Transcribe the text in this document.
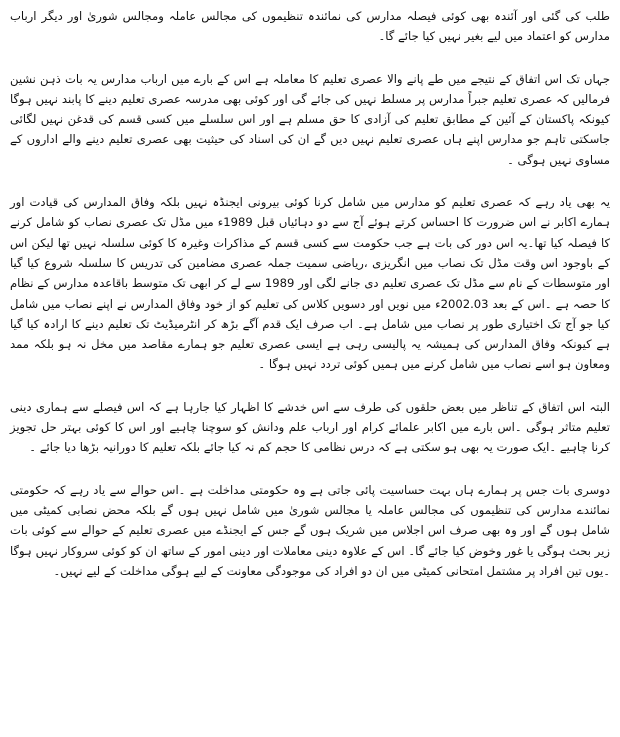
طلب کی گئی اور آئندہ بھی کوئی فیصلہ مدارس کی نمائندہ تنظیموں کی مجالس عاملہ ومجالس شوریٰ اور دیگر ارباب مدارس کو اعتماد میں لیے بغیر نہیں کیا جائے گا۔

جہاں تک اس اتفاق کے نتیجے میں طے پانے والا عصری تعلیم کا معاملہ ہے اس کے بارے میں ارباب مدارس یہ بات ذہن نشین فرمالیں کہ عصری تعلیم جبراً مدارس پر مسلط نہیں کی جائے گی اور کوئی بھی مدرسہ عصری تعلیم دینے کا پابند نہیں ہوگا کیونکہ پاکستان کے آئین کے مطابق تعلیم کی آزادی کا حق مسلم ہے اور اس سلسلے میں کسی قسم کی قدغن نہیں لگائی جاسکتی تاہم جو مدارس اپنے ہاں عصری تعلیم نہیں دیں گے ان کی اسناد کی حیثیت بھی عصری تعلیم دینے والے اداروں کے مساوی نہیں ہوگی ۔

یہ بھی یاد رہے کہ عصری تعلیم کو مدارس میں شامل کرنا کوئی بیرونی ایجنڈہ نہیں بلکہ وفاق المدارس کی قیادت اور ہمارے اکابر نے اس ضرورت کا احساس کرتے ہوئے آج سے دو دہائیاں قبل 1989ء میں مڈل تک عصری نصاب کو شامل کرنے کا فیصلہ کیا تھا۔یہ اس دور کی بات ہے جب حکومت سے کسی قسم کے مذاکرات وغیرہ کا کوئی سلسلہ نہیں تھا لیکن اس کے باوجود اس وقت مڈل تک نصاب میں انگریزی ،ریاضی سمیت جملہ عصری مضامین کی تدریس کا سلسلہ شروع کیا گیا اور متوسطات کے نام سے مڈل تک عصری تعلیم دی جانے لگی اور 1989 سے لے کر ابھی تک متوسط باقاعدہ مدارس کے نظام کا حصہ ہے ۔اس کے بعد 2002.03ء میں نویں اور دسویں کلاس کی تعلیم کو از خود وفاق المدارس نے اپنے نصاب میں شامل کیا جو آج تک اختیاری طور پر نصاب میں شامل ہے۔ اب صرف ایک قدم آگے بڑھ کر انٹرمیڈیٹ تک تعلیم دینے کا ارادہ کیا گیا ہے کیونکہ وفاق المدارس کی ہمیشہ یہ پالیسی رہی ہے ایسی عصری تعلیم جو ہمارے مقاصد میں مخل نہ ہو بلکہ ممد ومعاون ہو اسے نصاب میں شامل کرنے میں ہمیں کوئی تردد نہیں ہوگا ۔

البتہ اس اتفاق کے تناظر میں بعض حلقوں کی طرف سے اس خدشے کا اظہار کیا جارہا ہے کہ اس فیصلے سے ہماری دینی تعلیم متاثر ہوگی ۔اس بارے میں اکابر علمائے کرام اور ارباب علم ودانش کو سوچنا چاہیے اور اس کا کوئی بہتر حل تجویز کرنا چاہیے ۔ایک صورت یہ بھی ہو سکتی ہے کہ درس نظامی کا حجم کم نہ کیا جائے بلکہ تعلیم کا دورانیہ بڑھا دیا جائے ۔

دوسری بات جس پر ہمارے ہاں بہت حساسیت پائی جاتی ہے وہ حکومتی مداخلت ہے ۔اس حوالے سے یاد رہے کہ حکومتی نمائندے مدارس کی تنظیموں کی مجالس عاملہ یا مجالس شوریٰ میں شامل نہیں ہوں گے بلکہ محض نصابی کمیٹی میں شامل ہوں گے اور وہ بھی صرف اس اجلاس میں شریک ہوں گے جس کے ایجنڈے میں عصری تعلیم کے حوالے سے کوئی بات زیر بحث ہوگی یا غور وخوض کیا جائے گا۔ اس کے علاوہ دینی معاملات اور دینی امور کے ساتھ ان کو کوئی سروکار نہیں ہوگا ۔یوں تین افراد پر مشتمل امتحانی کمیٹی میں ان دو افراد کی موجودگی معاونت کے لیے ہوگی مداخلت کے لیے نہیں۔
